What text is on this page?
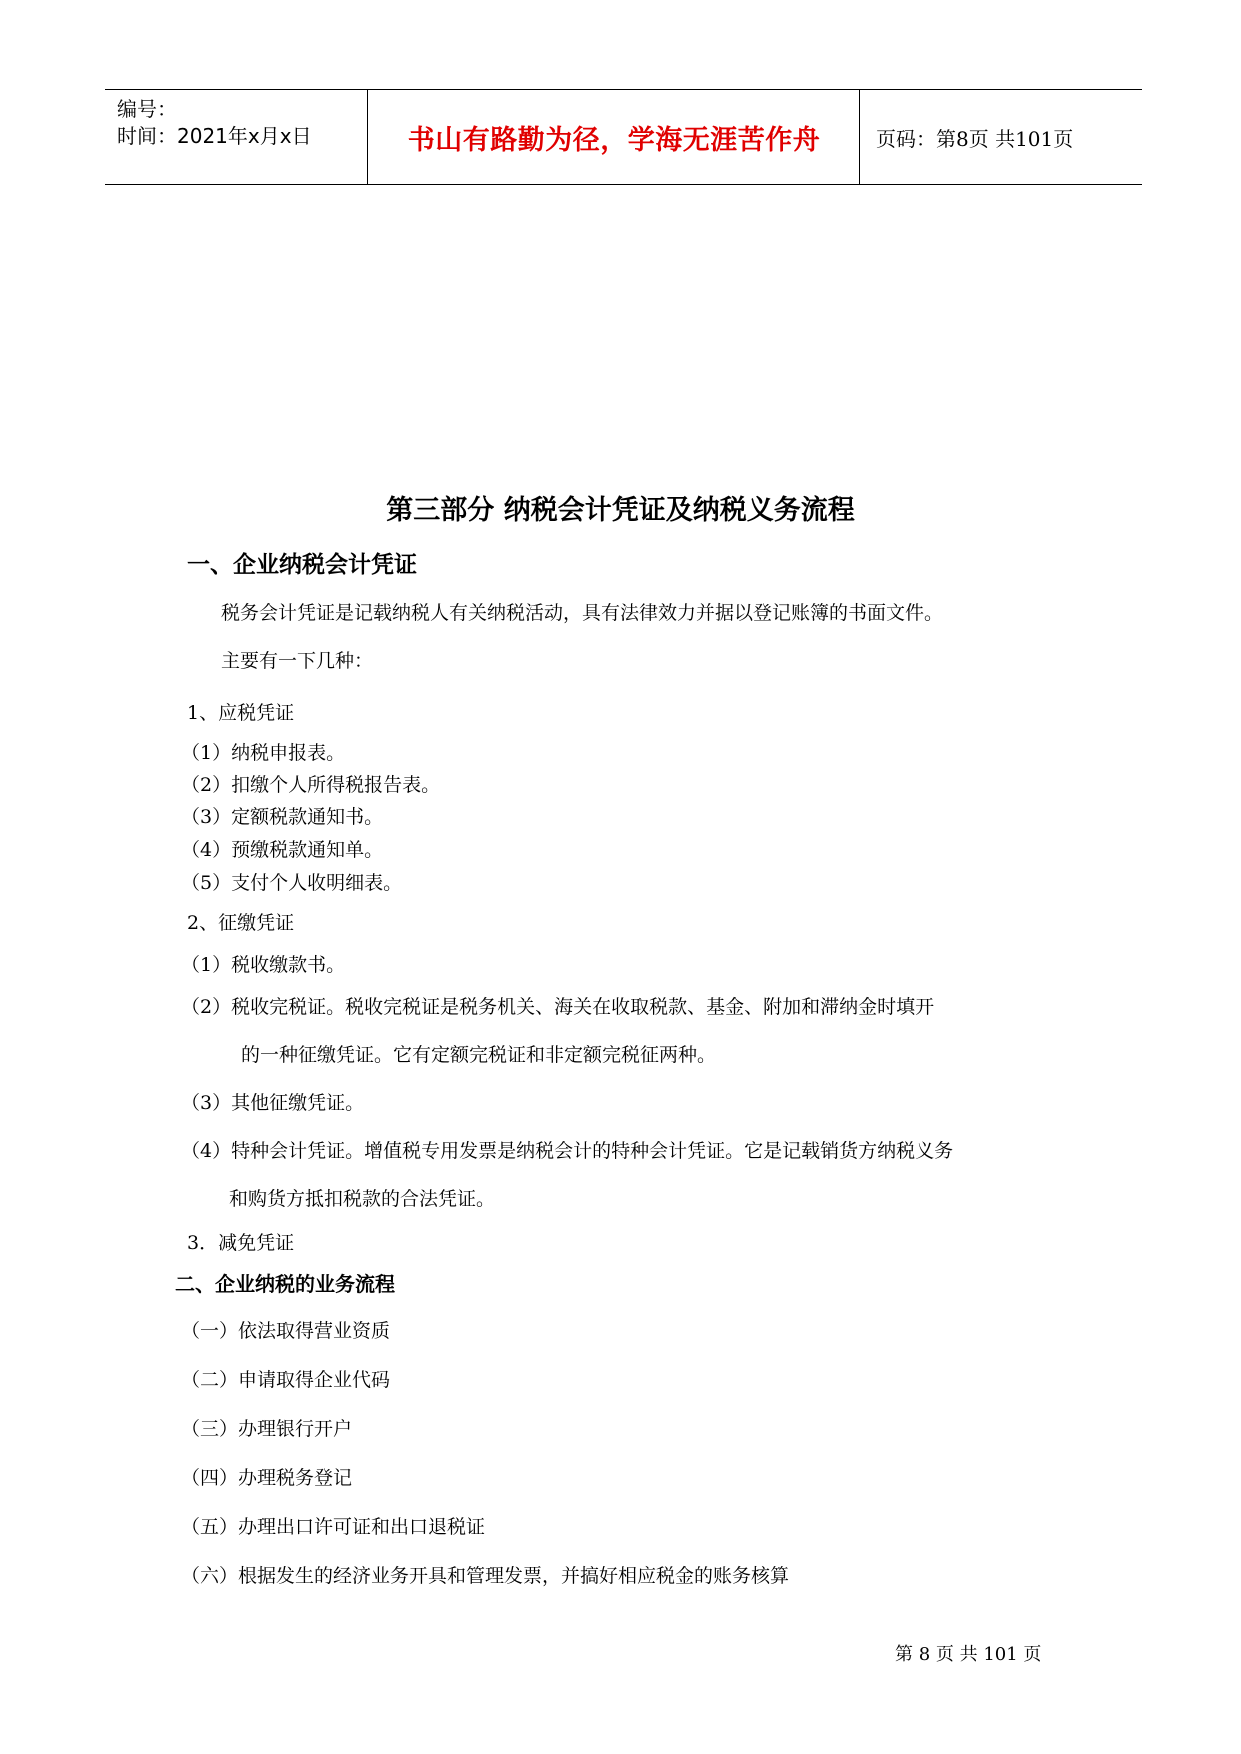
编号：
时间：2021年x月x日	书山有路勤为径，学海无涯苦作舟	页码：第8页 共101页
第三部分 纳税会计凭证及纳税义务流程
一、企业纳税会计凭证
税务会计凭证是记载纳税人有关纳税活动，具有法律效力并据以登记账簿的书面文件。
主要有一下几种：
1、应税凭证
（1）纳税申报表。
（2）扣缴个人所得税报告表。
（3）定额税款通知书。
（4）预缴税款通知单。
（5）支付个人收明细表。
2、征缴凭证
（1）税收缴款书。
（2）税收完税证。税收完税证是税务机关、海关在收取税款、基金、附加和滞纳金时填开
的一种征缴凭证。它有定额完税证和非定额完税征两种。
（3）其他征缴凭证。
（4）特种会计凭证。增值税专用发票是纳税会计的特种会计凭证。它是记载销货方纳税义务
和购货方抵扣税款的合法凭证。
3．减免凭证
二、企业纳税的业务流程
（一）依法取得营业资质
（二）申请取得企业代码
（三）办理银行开户
（四）办理税务登记
（五）办理出口许可证和出口退税证
（六）根据发生的经济业务开具和管理发票，并搞好相应税金的账务核算
第 8 页 共 101 页
